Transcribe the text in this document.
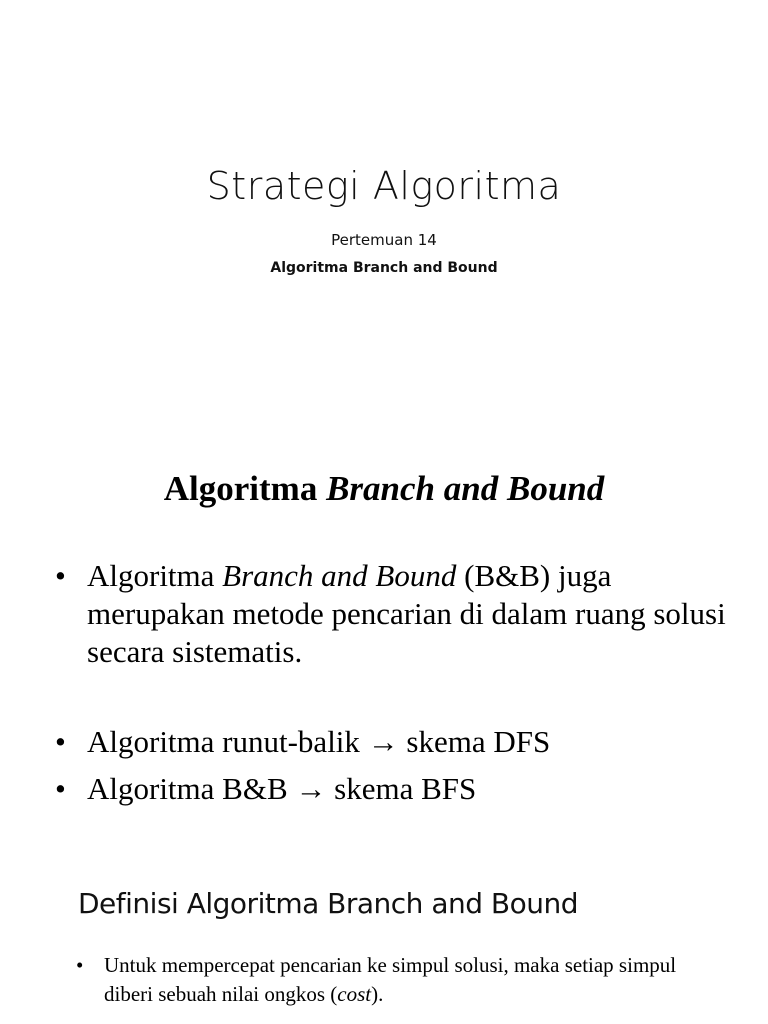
Strategi Algoritma
Pertemuan 14
Algoritma Branch and Bound
Algoritma Branch and Bound
• Algoritma Branch and Bound (B&B) juga merupakan metode pencarian di dalam ruang solusi secara sistematis.
• Algoritma runut-balik → skema DFS
• Algoritma B&B → skema BFS
Definisi Algoritma Branch and Bound
• Untuk mempercepat pencarian ke simpul solusi, maka setiap simpul diberi sebuah nilai ongkos (cost).
